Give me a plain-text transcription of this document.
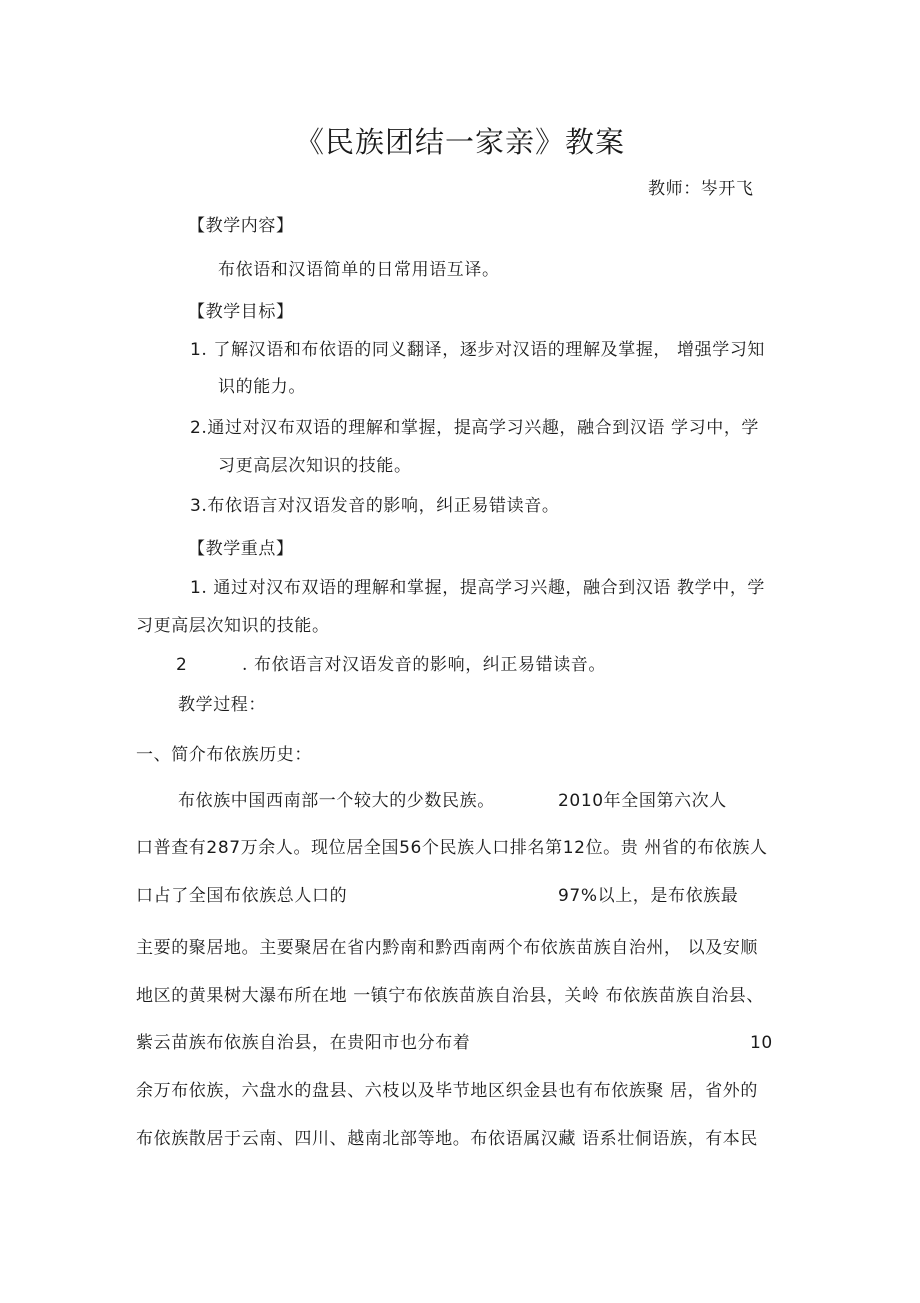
《民族团结一家亲》教案
教师：岑开飞
【教学内容】
布依语和汉语简单的日常用语互译。
【教学目标】
1. 了解汉语和布依语的同义翻译，逐步对汉语的理解及掌握， 增强学习知
识的能力。
2.通过对汉布双语的理解和掌握，提高学习兴趣，融合到汉语 学习中，学
习更高层次知识的技能。
3.布依语言对汉语发音的影响，纠正易错读音。
【教学重点】
1. 通过对汉布双语的理解和掌握，提高学习兴趣，融合到汉语 教学中，学
习更高层次知识的技能。
2	. 布依语言对汉语发音的影响，纠正易错读音。
教学过程：
一、简介布依族历史：
布依族中国西南部一个较大的少数民族。	2010年全国第六次人
口普查有287万余人。现位居全国56个民族人口排名第12位。贵 州省的布依族人
口占了全国布依族总人口的	97%以上，是布依族最
主要的聚居地。主要聚居在省内黔南和黔西南两个布依族苗族自治州， 以及安顺
地区的黄果树大瀑布所在地 一镇宁布依族苗族自治县，关岭 布依族苗族自治县、
紫云苗族布依族自治县，在贵阳市也分布着	10
余万布依族，六盘水的盘县、六枝以及毕节地区织金县也有布依族聚 居，省外的
布依族散居于云南、四川、越南北部等地。布依语属汉藏 语系壮侗语族，有本民
